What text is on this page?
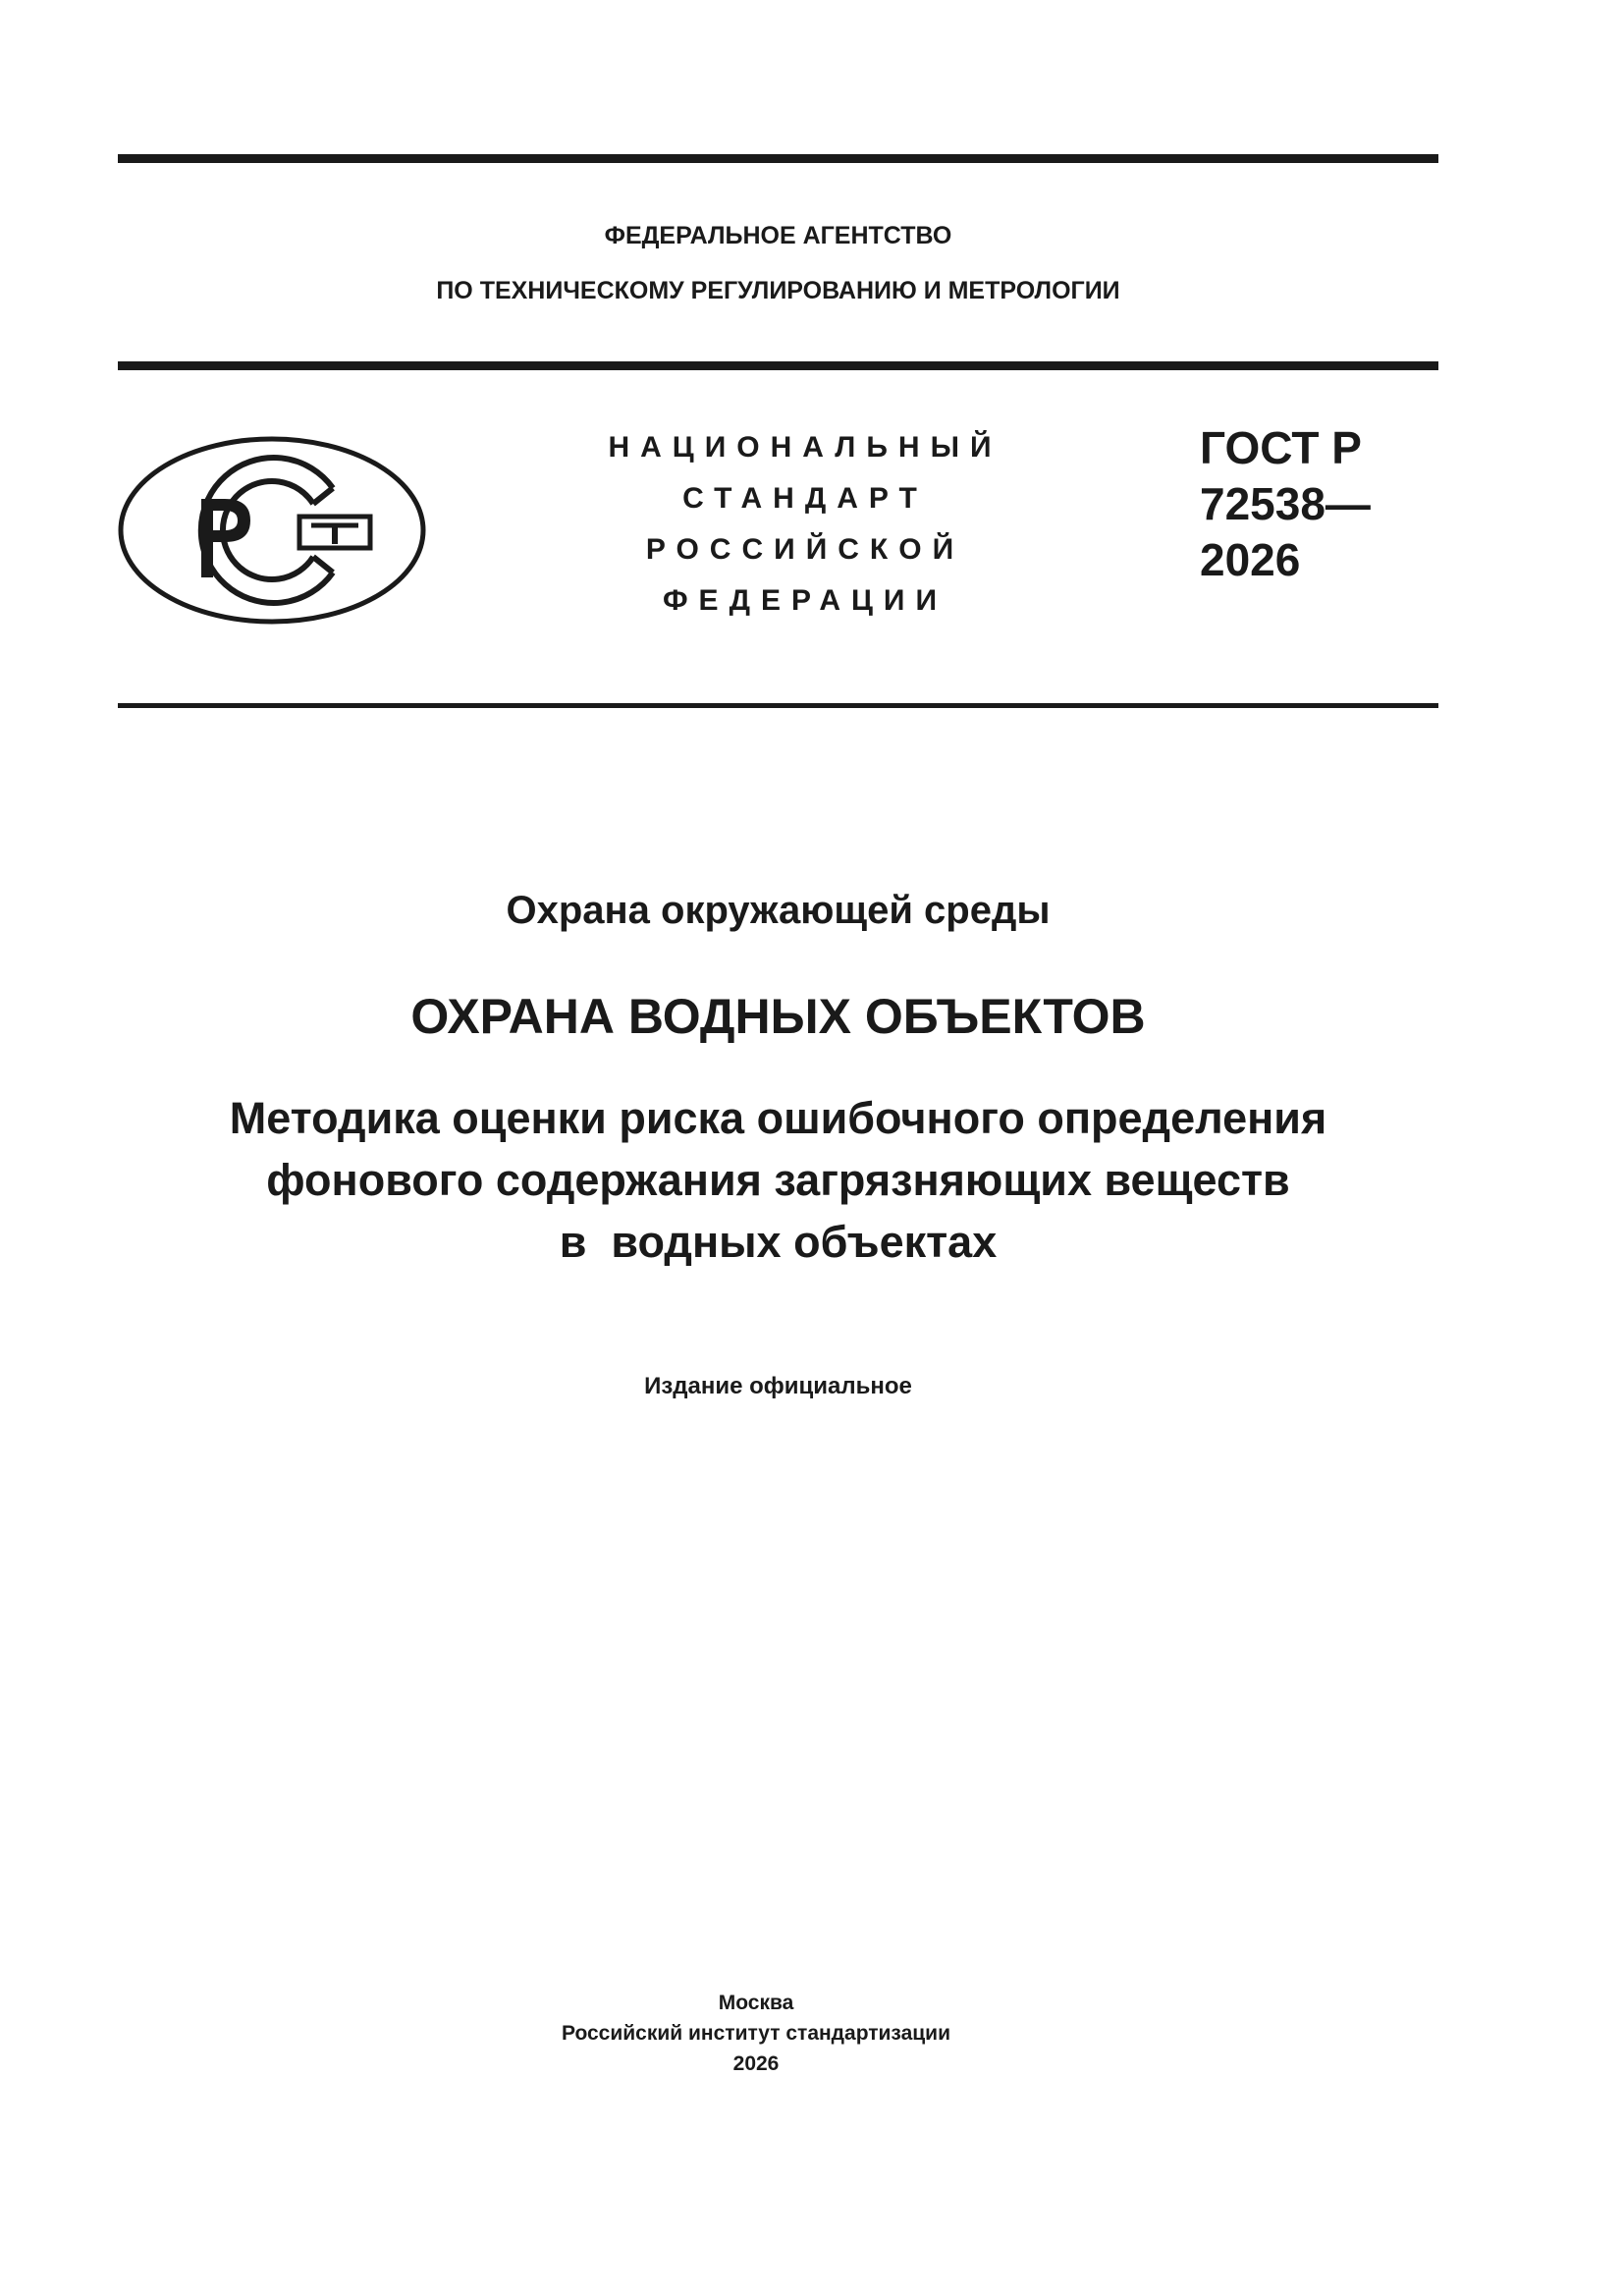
ФЕДЕРАЛЬНОЕ АГЕНТСТВО
ПО ТЕХНИЧЕСКОМУ РЕГУЛИРОВАНИЮ И МЕТРОЛОГИИ
НАЦИОНАЛЬНЫЙ
СТАНДАРТ
РОССИЙСКОЙ
ФЕДЕРАЦИИ
ГОСТ Р
72538—
2026
Охрана окружающей среды
ОХРАНА ВОДНЫХ ОБЪЕКТОВ
Методика оценки риска ошибочного определения
фонового содержания загрязняющих веществ
в  водных объектах
Издание официальное
Москва
Российский институт стандартизации
2026
